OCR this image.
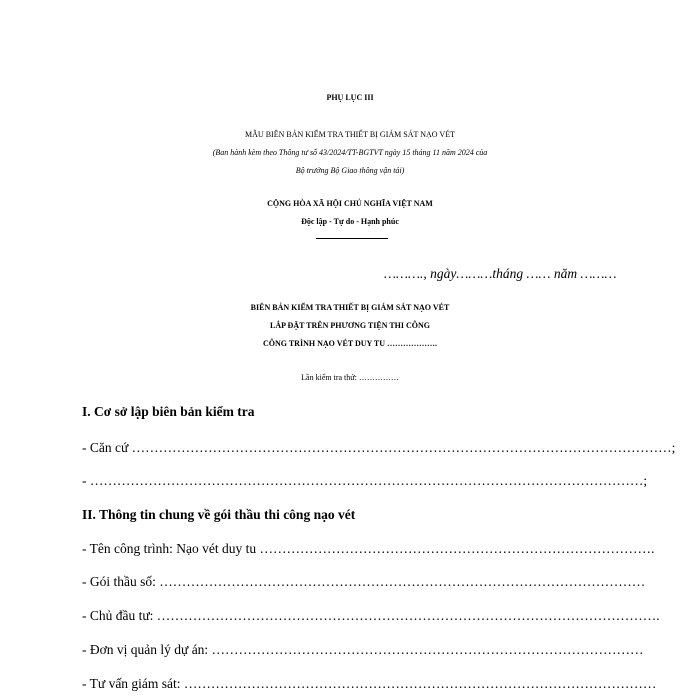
PHỤ LỤC III
MẪU BIÊN BẢN KIỂM TRA THIẾT BỊ GIÁM SÁT NẠO VÉT
(Ban hành kèm theo Thông tư số 43/2024/TT-BGTVT ngày 15 tháng 11 năm 2024 của
Bộ trưởng Bộ Giao thông vận tải)
CỘNG HÒA XÃ HỘI CHỦ NGHĨA VIỆT NAM
Độc lập - Tự do - Hạnh phúc
………., ngày………tháng …… năm ………
BIÊN BẢN KIỂM TRA THIẾT BỊ GIÁM SÁT NẠO VÉT
LẮP ĐẶT TRÊN PHƯƠNG TIỆN THI CÔNG
CÔNG TRÌNH NẠO VÉT DUY TU ……………….
Lần kiểm tra thứ: ……………
I. Cơ sở lập biên bản kiểm tra
- Căn cứ …………………………………………………………………………………………………………;
- ……………………………………………………………………………………………………………;
II. Thông tin chung về gói thầu thi công nạo vét
- Tên công trình: Nạo vét duy tu …………………………………………………………………………….
- Gói thầu số: ………………………………………………………………………………………………
- Chủ đầu tư: ………………………………………………………………………………………………….
- Đơn vị quản lý dự án: ……………………………………………………………………………………
- Tư vấn giám sát: ……………………………………………………………………………………………
